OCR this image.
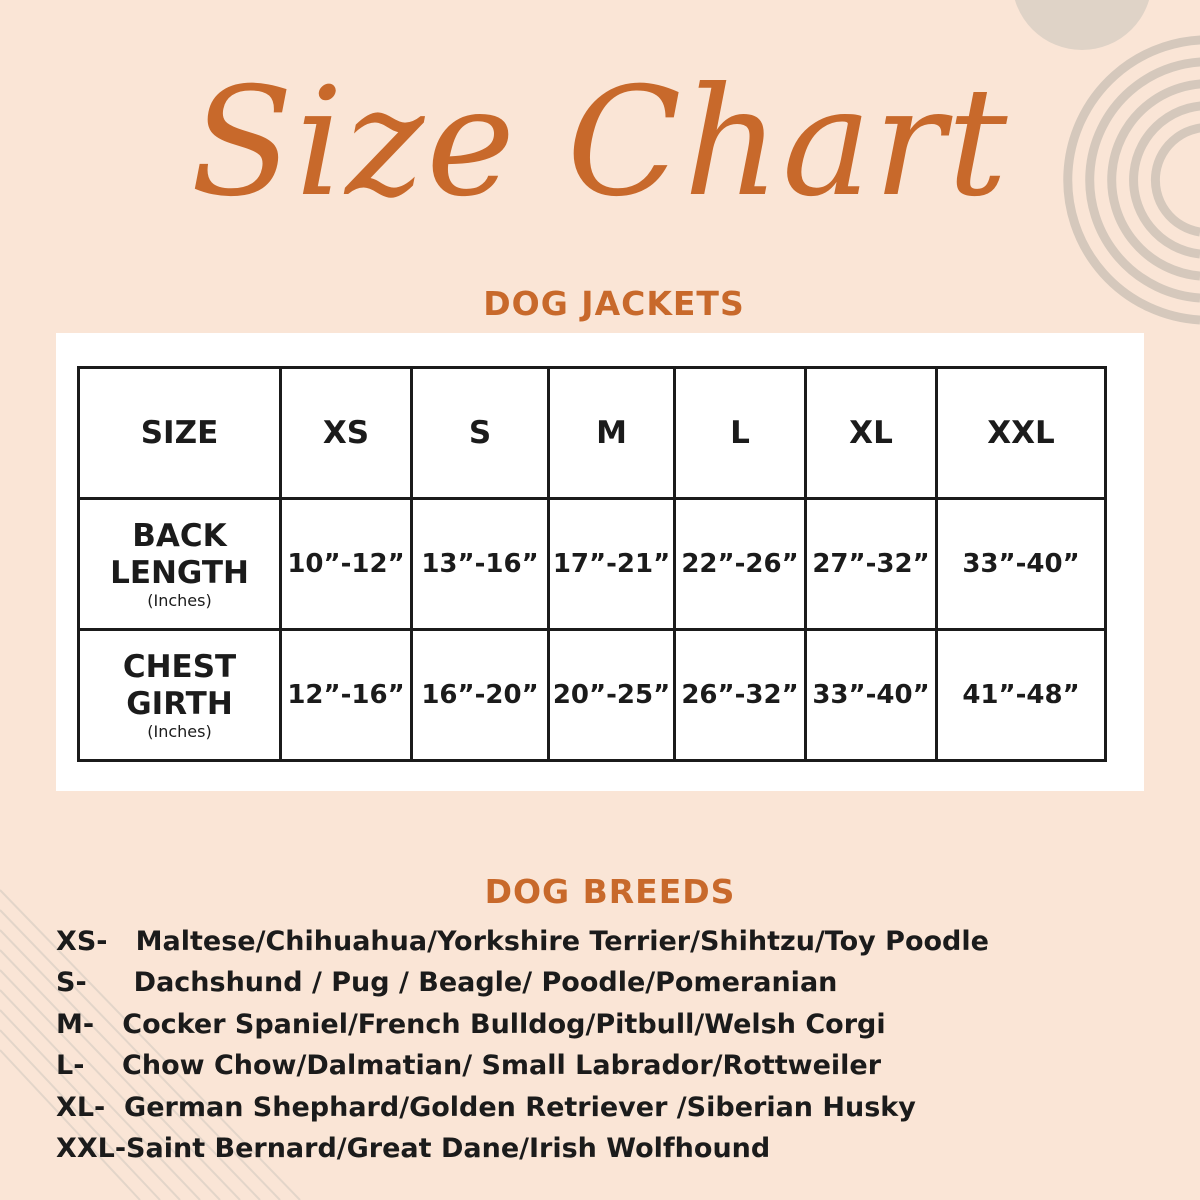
Size Chart
DOG JACKETS
SIZE	XS	S	M	L	XL	XXL

BACK
LENGTH
(Inches)	10”-12”	13”-16”	17”-21”	22”-26”	27”-32”	33”-40”

CHEST
GIRTH
(Inches)	12”-16”	16”-20”	20”-25”	26”-32”	33”-40”	41”-48”
DOG BREEDS
XS- Maltese/Chihuahua/Yorkshire Terrier/Shihtzu/Toy Poodle
S- Dachshund / Pug / Beagle/ Poodle/Pomeranian
M- Cocker Spaniel/French Bulldog/Pitbull/Welsh Corgi
L- Chow Chow/Dalmatian/ Small Labrador/Rottweiler
XL- German Shephard/Golden Retriever /Siberian Husky
XXL-Saint Bernard/Great Dane/Irish Wolfhound
